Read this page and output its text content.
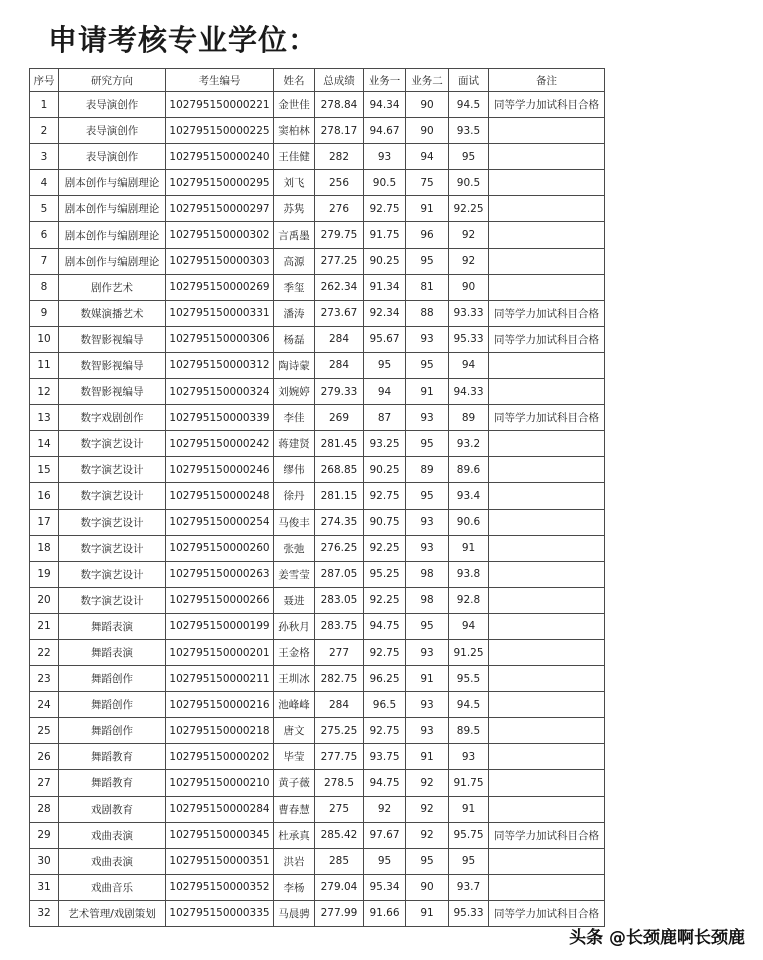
申请考核专业学位：
序号	研究方向	考生编号	姓名	总成绩	业务一	业务二	面试	备注
1	表导演创作	102795150000221	金世佳	278.84	94.34	90	94.5	同等学力加试科目合格
2	表导演创作	102795150000225	窦柏林	278.17	94.67	90	93.5	
3	表导演创作	102795150000240	王佳健	282	93	94	95	
4	剧本创作与编剧理论	102795150000295	刘飞	256	90.5	75	90.5	
5	剧本创作与编剧理论	102795150000297	苏隽	276	92.75	91	92.25	
6	剧本创作与编剧理论	102795150000302	言禹墨	279.75	91.75	96	92	
7	剧本创作与编剧理论	102795150000303	高源	277.25	90.25	95	92	
8	剧作艺术	102795150000269	季玺	262.34	91.34	81	90	
9	数媒演播艺术	102795150000331	潘涛	273.67	92.34	88	93.33	同等学力加试科目合格
10	数智影视编导	102795150000306	杨磊	284	95.67	93	95.33	同等学力加试科目合格
11	数智影视编导	102795150000312	陶诗蒙	284	95	95	94	
12	数智影视编导	102795150000324	刘婉婷	279.33	94	91	94.33	
13	数字戏剧创作	102795150000339	李佳	269	87	93	89	同等学力加试科目合格
14	数字演艺设计	102795150000242	蒋建贤	281.45	93.25	95	93.2	
15	数字演艺设计	102795150000246	缪伟	268.85	90.25	89	89.6	
16	数字演艺设计	102795150000248	徐丹	281.15	92.75	95	93.4	
17	数字演艺设计	102795150000254	马俊丰	274.35	90.75	93	90.6	
18	数字演艺设计	102795150000260	张弛	276.25	92.25	93	91	
19	数字演艺设计	102795150000263	姜雪莹	287.05	95.25	98	93.8	
20	数字演艺设计	102795150000266	聂进	283.05	92.25	98	92.8	
21	舞蹈表演	102795150000199	孙秋月	283.75	94.75	95	94	
22	舞蹈表演	102795150000201	王金格	277	92.75	93	91.25	
23	舞蹈创作	102795150000211	王圳冰	282.75	96.25	91	95.5	
24	舞蹈创作	102795150000216	池峰峰	284	96.5	93	94.5	
25	舞蹈创作	102795150000218	唐文	275.25	92.75	93	89.5	
26	舞蹈教育	102795150000202	毕莹	277.75	93.75	91	93	
27	舞蹈教育	102795150000210	黄子薇	278.5	94.75	92	91.75	
28	戏剧教育	102795150000284	曹春慧	275	92	92	91	
29	戏曲表演	102795150000345	杜承真	285.42	97.67	92	95.75	同等学力加试科目合格
30	戏曲表演	102795150000351	洪岩	285	95	95	95	
31	戏曲音乐	102795150000352	李杨	279.04	95.34	90	93.7	
32	艺术管理/戏剧策划	102795150000335	马晨骋	277.99	91.66	91	95.33	同等学力加试科目合格
头条 @长颈鹿啊长颈鹿
